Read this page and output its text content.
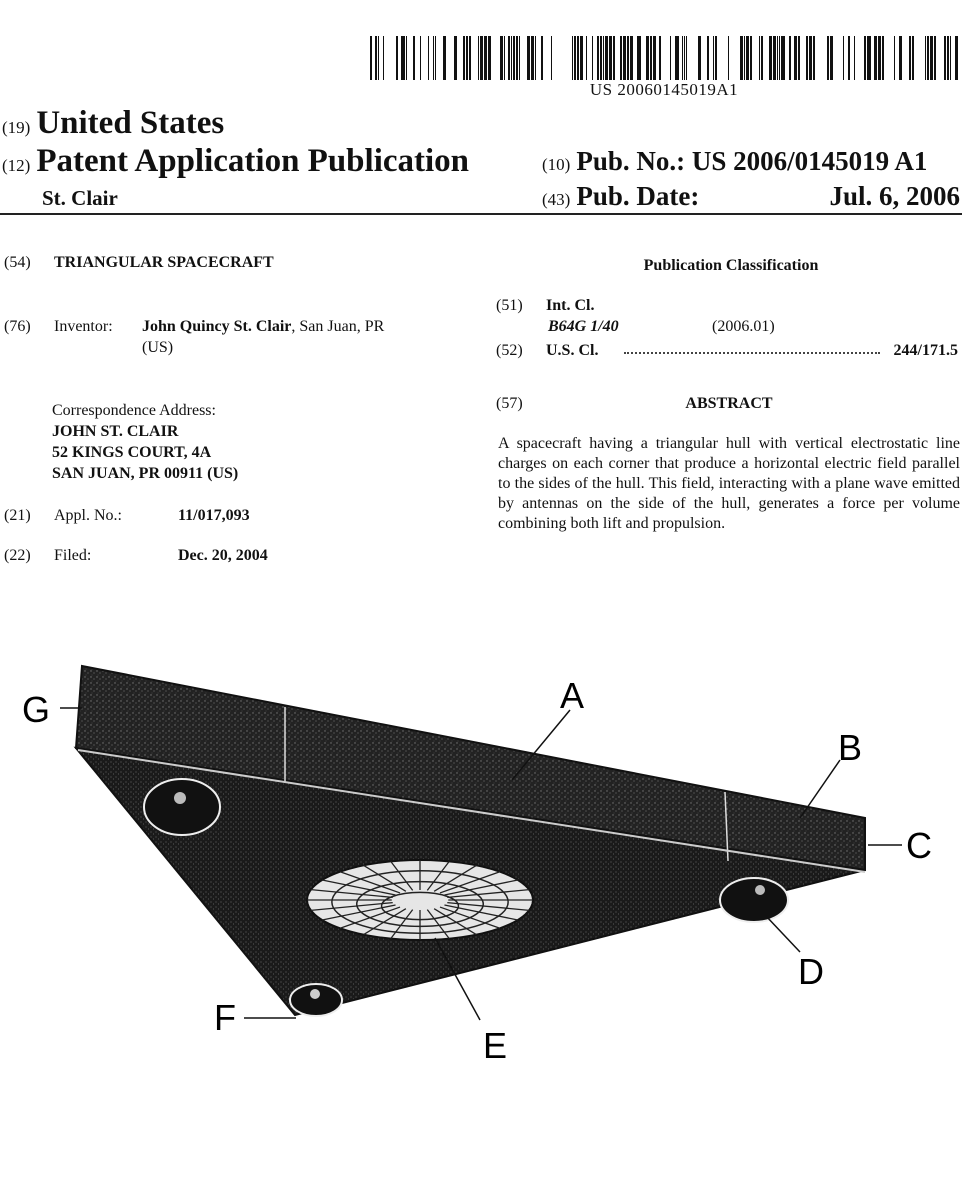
US 20060145019A1
(19) United States
(12) Patent Application Publication
St. Clair
(10) Pub. No.: US 2006/0145019 A1
(43) Pub. Date:	Jul. 6, 2006
(54) TRIANGULAR SPACECRAFT
(76) Inventor:	John Quincy St. Clair, San Juan, PR
(US)
Correspondence Address:
JOHN ST. CLAIR
52 KINGS COURT, 4A
SAN JUAN, PR 00911 (US)
(21) Appl. No.:	11/017,093
(22) Filed:	Dec. 20, 2004
Publication Classification
(51) Int. Cl.
B64G 1/40	(2006.01)
(52) U.S. Cl.	244/171.5
(57)	ABSTRACT
A spacecraft having a triangular hull with vertical electrostatic line charges on each corner that produce a horizontal electric field parallel to the sides of the hull. This field, interacting with a plane wave emitted by antennas on the side of the hull, generates a force per volume combining both lift and propulsion.
A
B
C
D
E
F
G
